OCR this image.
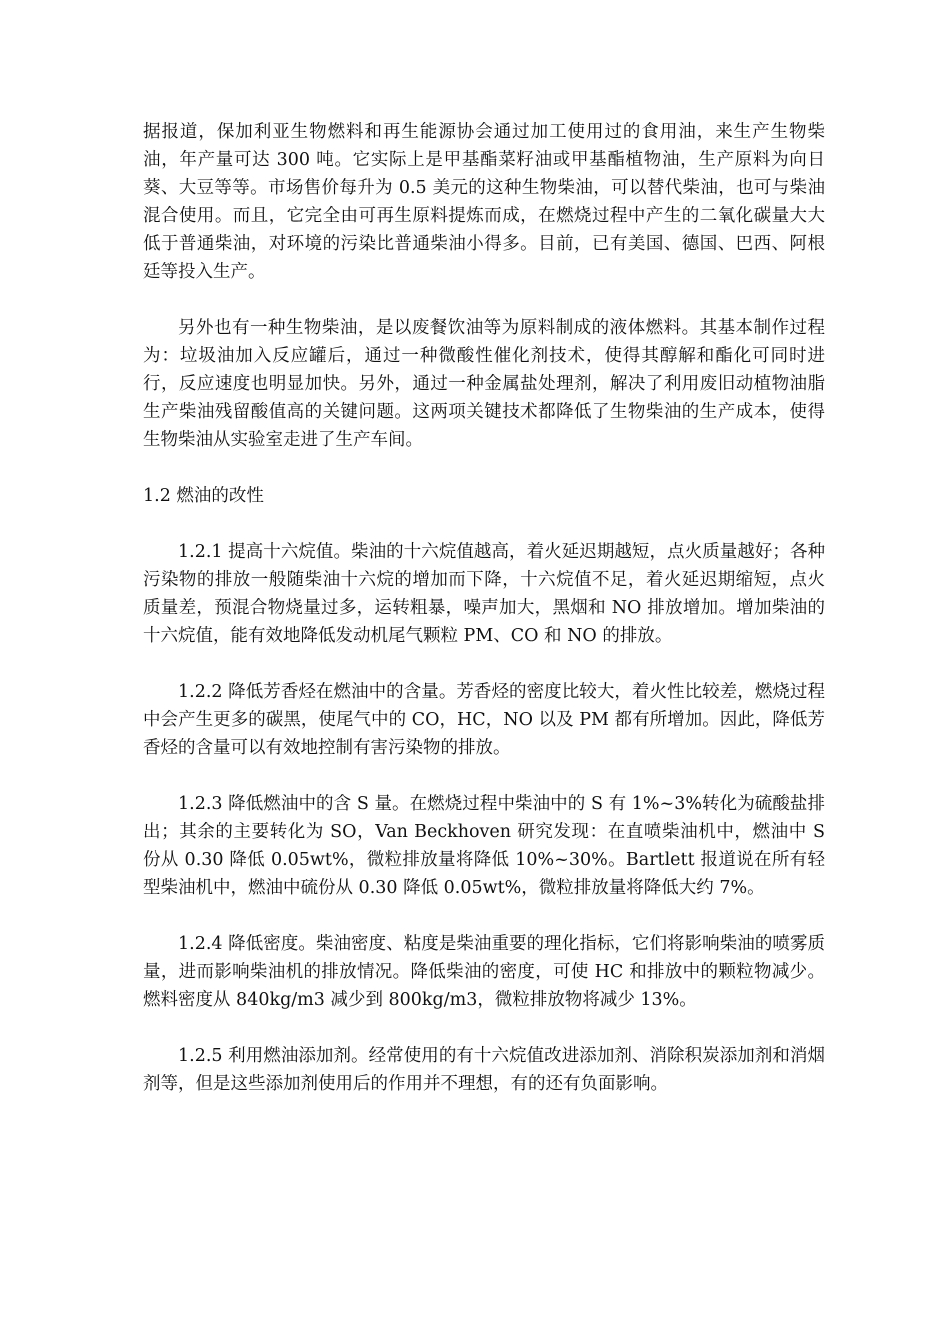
据报道，保加利亚生物燃料和再生能源协会通过加工使用过的食用油，来生产生物柴油，年产量可达 300 吨。它实际上是甲基酯菜籽油或甲基酯植物油，生产原料为向日葵、大豆等等。市场售价每升为 0.5 美元的这种生物柴油，可以替代柴油，也可与柴油混合使用。而且，它完全由可再生原料提炼而成，在燃烧过程中产生的二氧化碳量大大低于普通柴油，对环境的污染比普通柴油小得多。目前，已有美国、德国、巴西、阿根廷等投入生产。

另外也有一种生物柴油，是以废餐饮油等为原料制成的液体燃料。其基本制作过程为：垃圾油加入反应罐后，通过一种微酸性催化剂技术，使得其醇解和酯化可同时进行，反应速度也明显加快。另外，通过一种金属盐处理剂，解决了利用废旧动植物油脂生产柴油残留酸值高的关键问题。这两项关键技术都降低了生物柴油的生产成本，使得生物柴油从实验室走进了生产车间。

1.2 燃油的改性

1.2.1 提高十六烷值。柴油的十六烷值越高，着火延迟期越短，点火质量越好；各种污染物的排放一般随柴油十六烷的增加而下降，十六烷值不足，着火延迟期缩短，点火质量差，预混合物烧量过多，运转粗暴，噪声加大，黑烟和 NO 排放增加。增加柴油的十六烷值，能有效地降低发动机尾气颗粒 PM、CO 和 NO 的排放。

1.2.2 降低芳香烃在燃油中的含量。芳香烃的密度比较大，着火性比较差，燃烧过程中会产生更多的碳黑，使尾气中的 CO，HC，NO 以及 PM 都有所增加。因此，降低芳香烃的含量可以有效地控制有害污染物的排放。

1.2.3 降低燃油中的含 S 量。在燃烧过程中柴油中的 S 有 1%~3%转化为硫酸盐排出；其余的主要转化为 SO，Van Beckhoven 研究发现：在直喷柴油机中，燃油中 S 份从 0.30 降低 0.05wt%，微粒排放量将降低 10%~30%。Bartlett 报道说在所有轻型柴油机中，燃油中硫份从 0.30 降低 0.05wt%，微粒排放量将降低大约 7%。

1.2.4 降低密度。柴油密度、粘度是柴油重要的理化指标，它们将影响柴油的喷雾质量，进而影响柴油机的排放情况。降低柴油的密度，可使 HC 和排放中的颗粒物减少。燃料密度从 840kg/m3 减少到 800kg/m3，微粒排放物将减少 13%。

1.2.5 利用燃油添加剂。经常使用的有十六烷值改进添加剂、消除积炭添加剂和消烟剂等，但是这些添加剂使用后的作用并不理想，有的还有负面影响。
